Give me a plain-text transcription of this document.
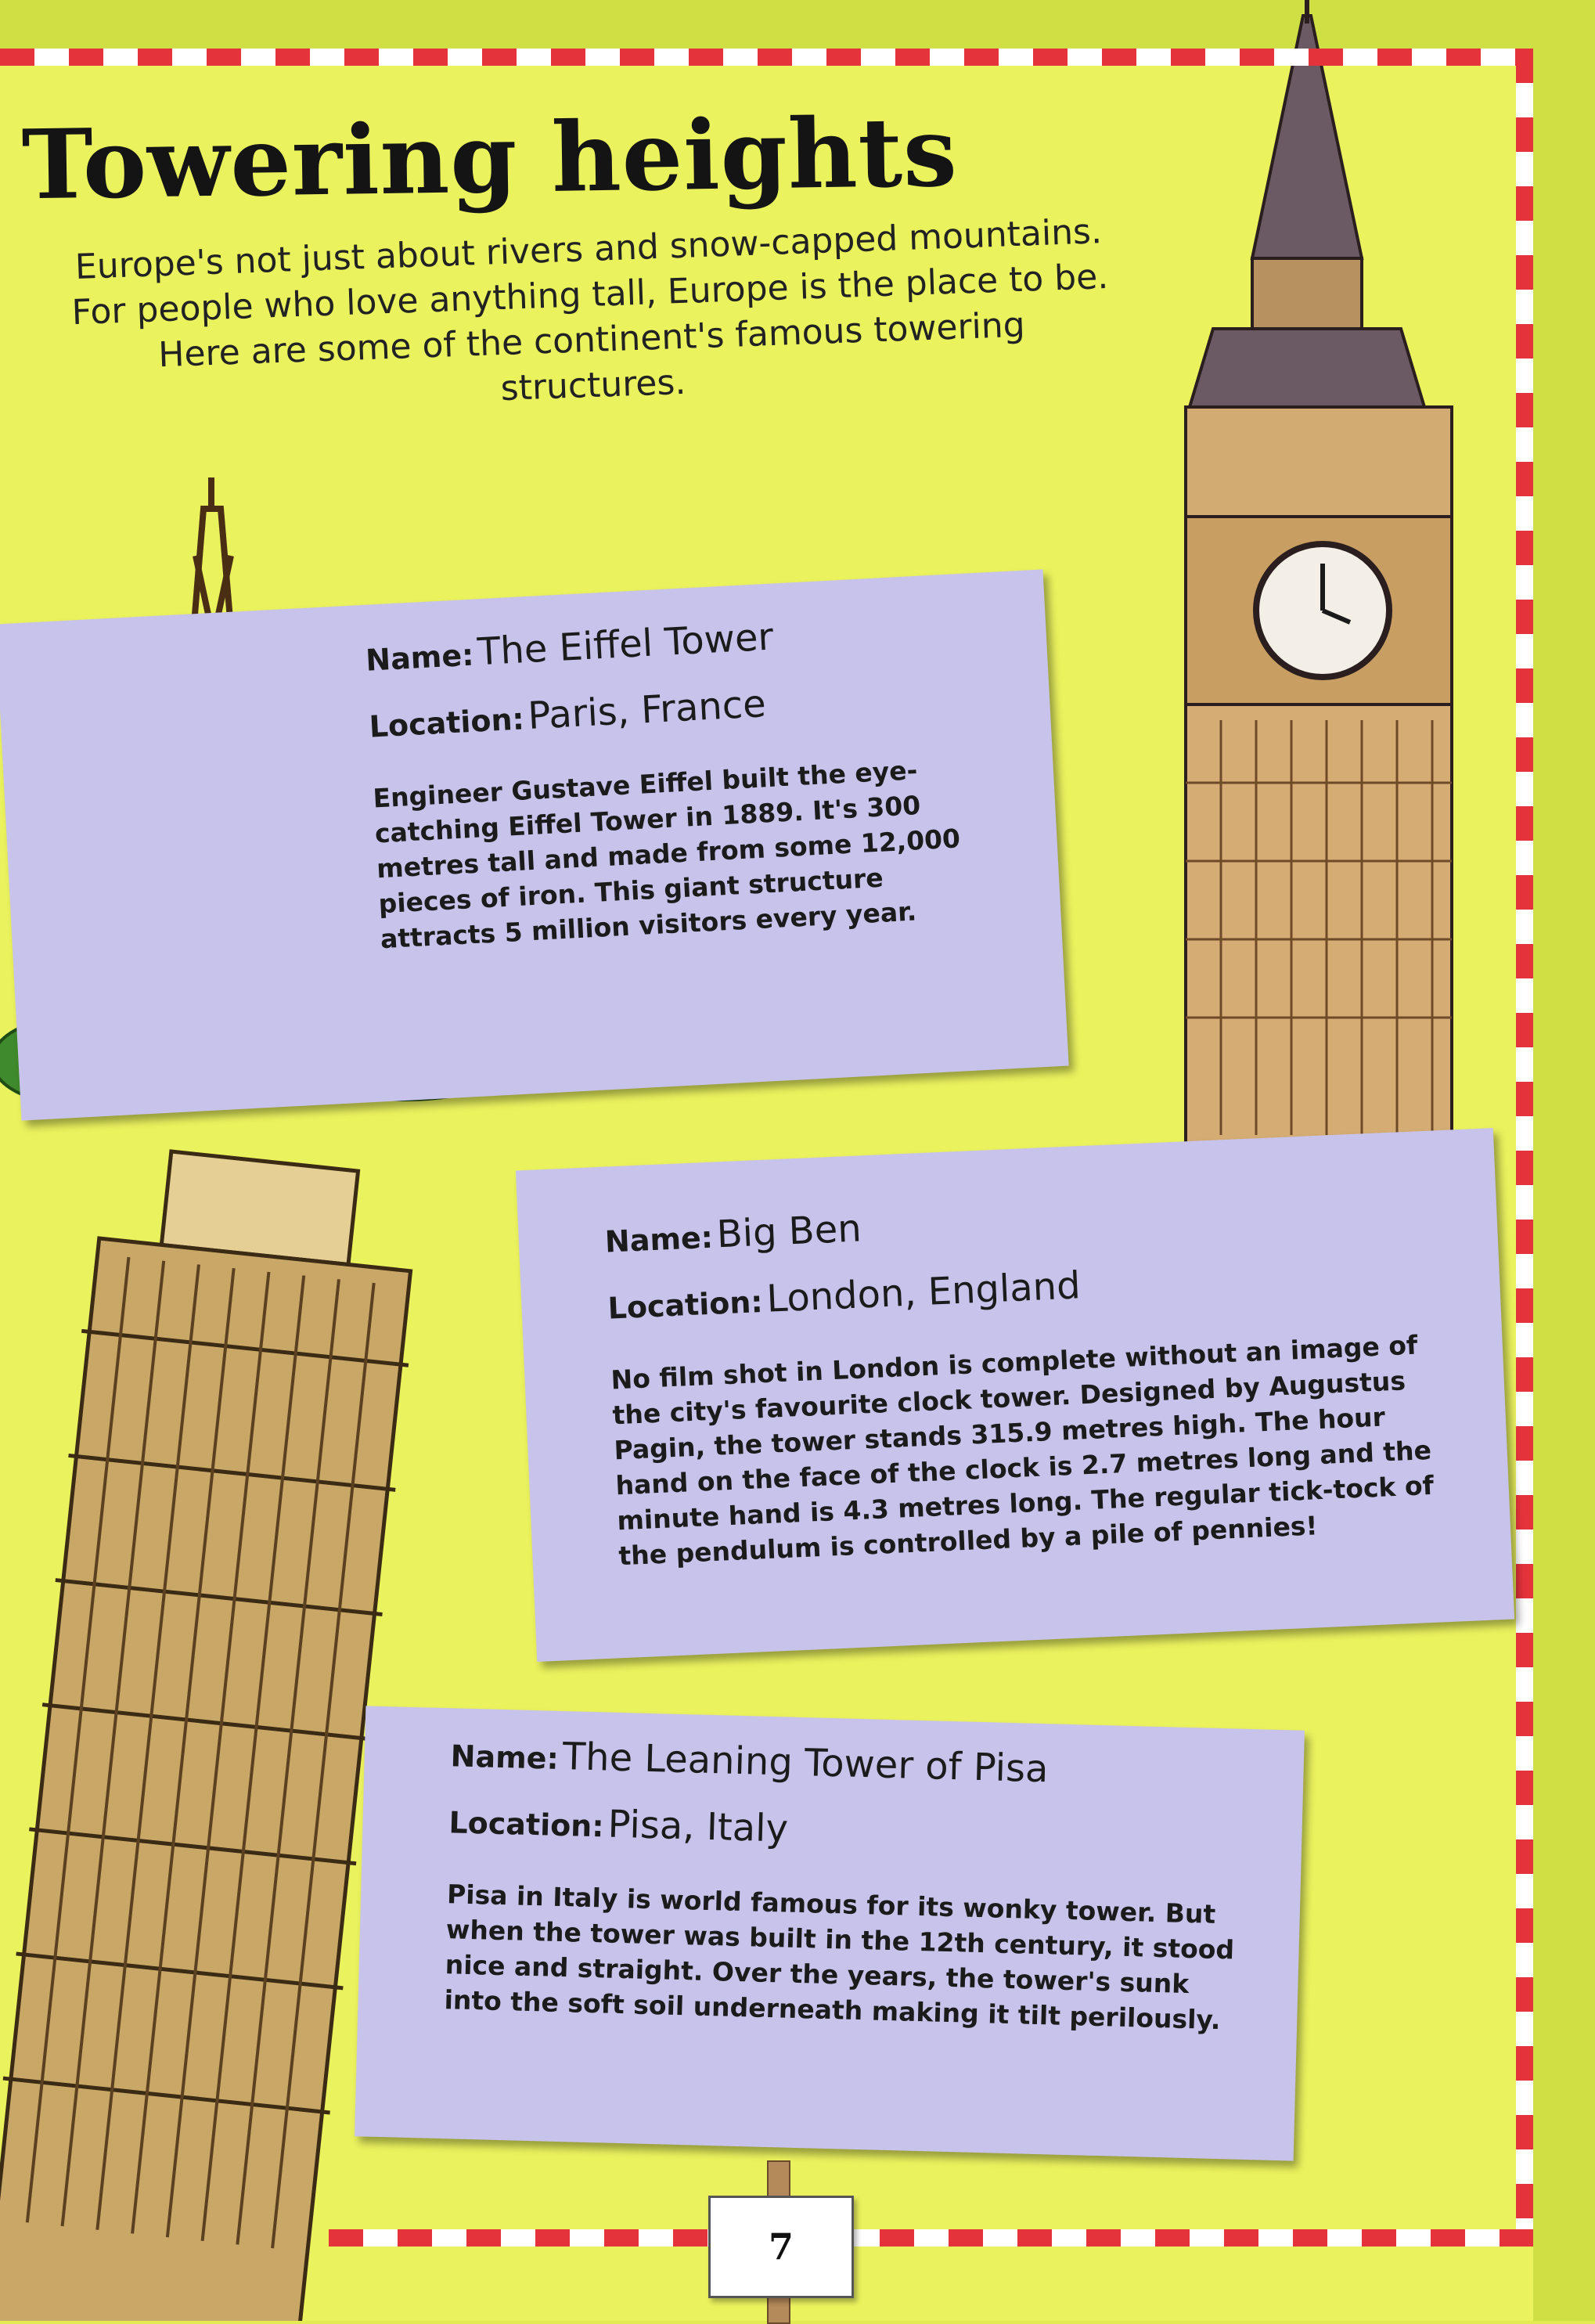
Towering heights
Europe's not just about rivers and snow-capped mountains. For people who love anything tall, Europe is the place to be. Here are some of the continent's famous towering structures.
Name: The Eiffel Tower
Location: Paris, France
Engineer Gustave Eiffel built the eye-catching Eiffel Tower in 1889. It's 300 metres tall and made from some 12,000 pieces of iron. This giant structure attracts 5 million visitors every year.
Name: Big Ben
Location: London, England
No film shot in London is complete without an image of the city's favourite clock tower. Designed by Augustus Pagin, the tower stands 315.9 metres high. The hour hand on the face of the clock is 2.7 metres long and the minute hand is 4.3 metres long. The regular tick-tock of the pendulum is controlled by a pile of pennies!
Name: The Leaning Tower of Pisa
Location: Pisa, Italy
Pisa in Italy is world famous for its wonky tower. But when the tower was built in the 12th century, it stood nice and straight. Over the years, the tower's sunk into the soft soil underneath making it tilt perilously.
7
